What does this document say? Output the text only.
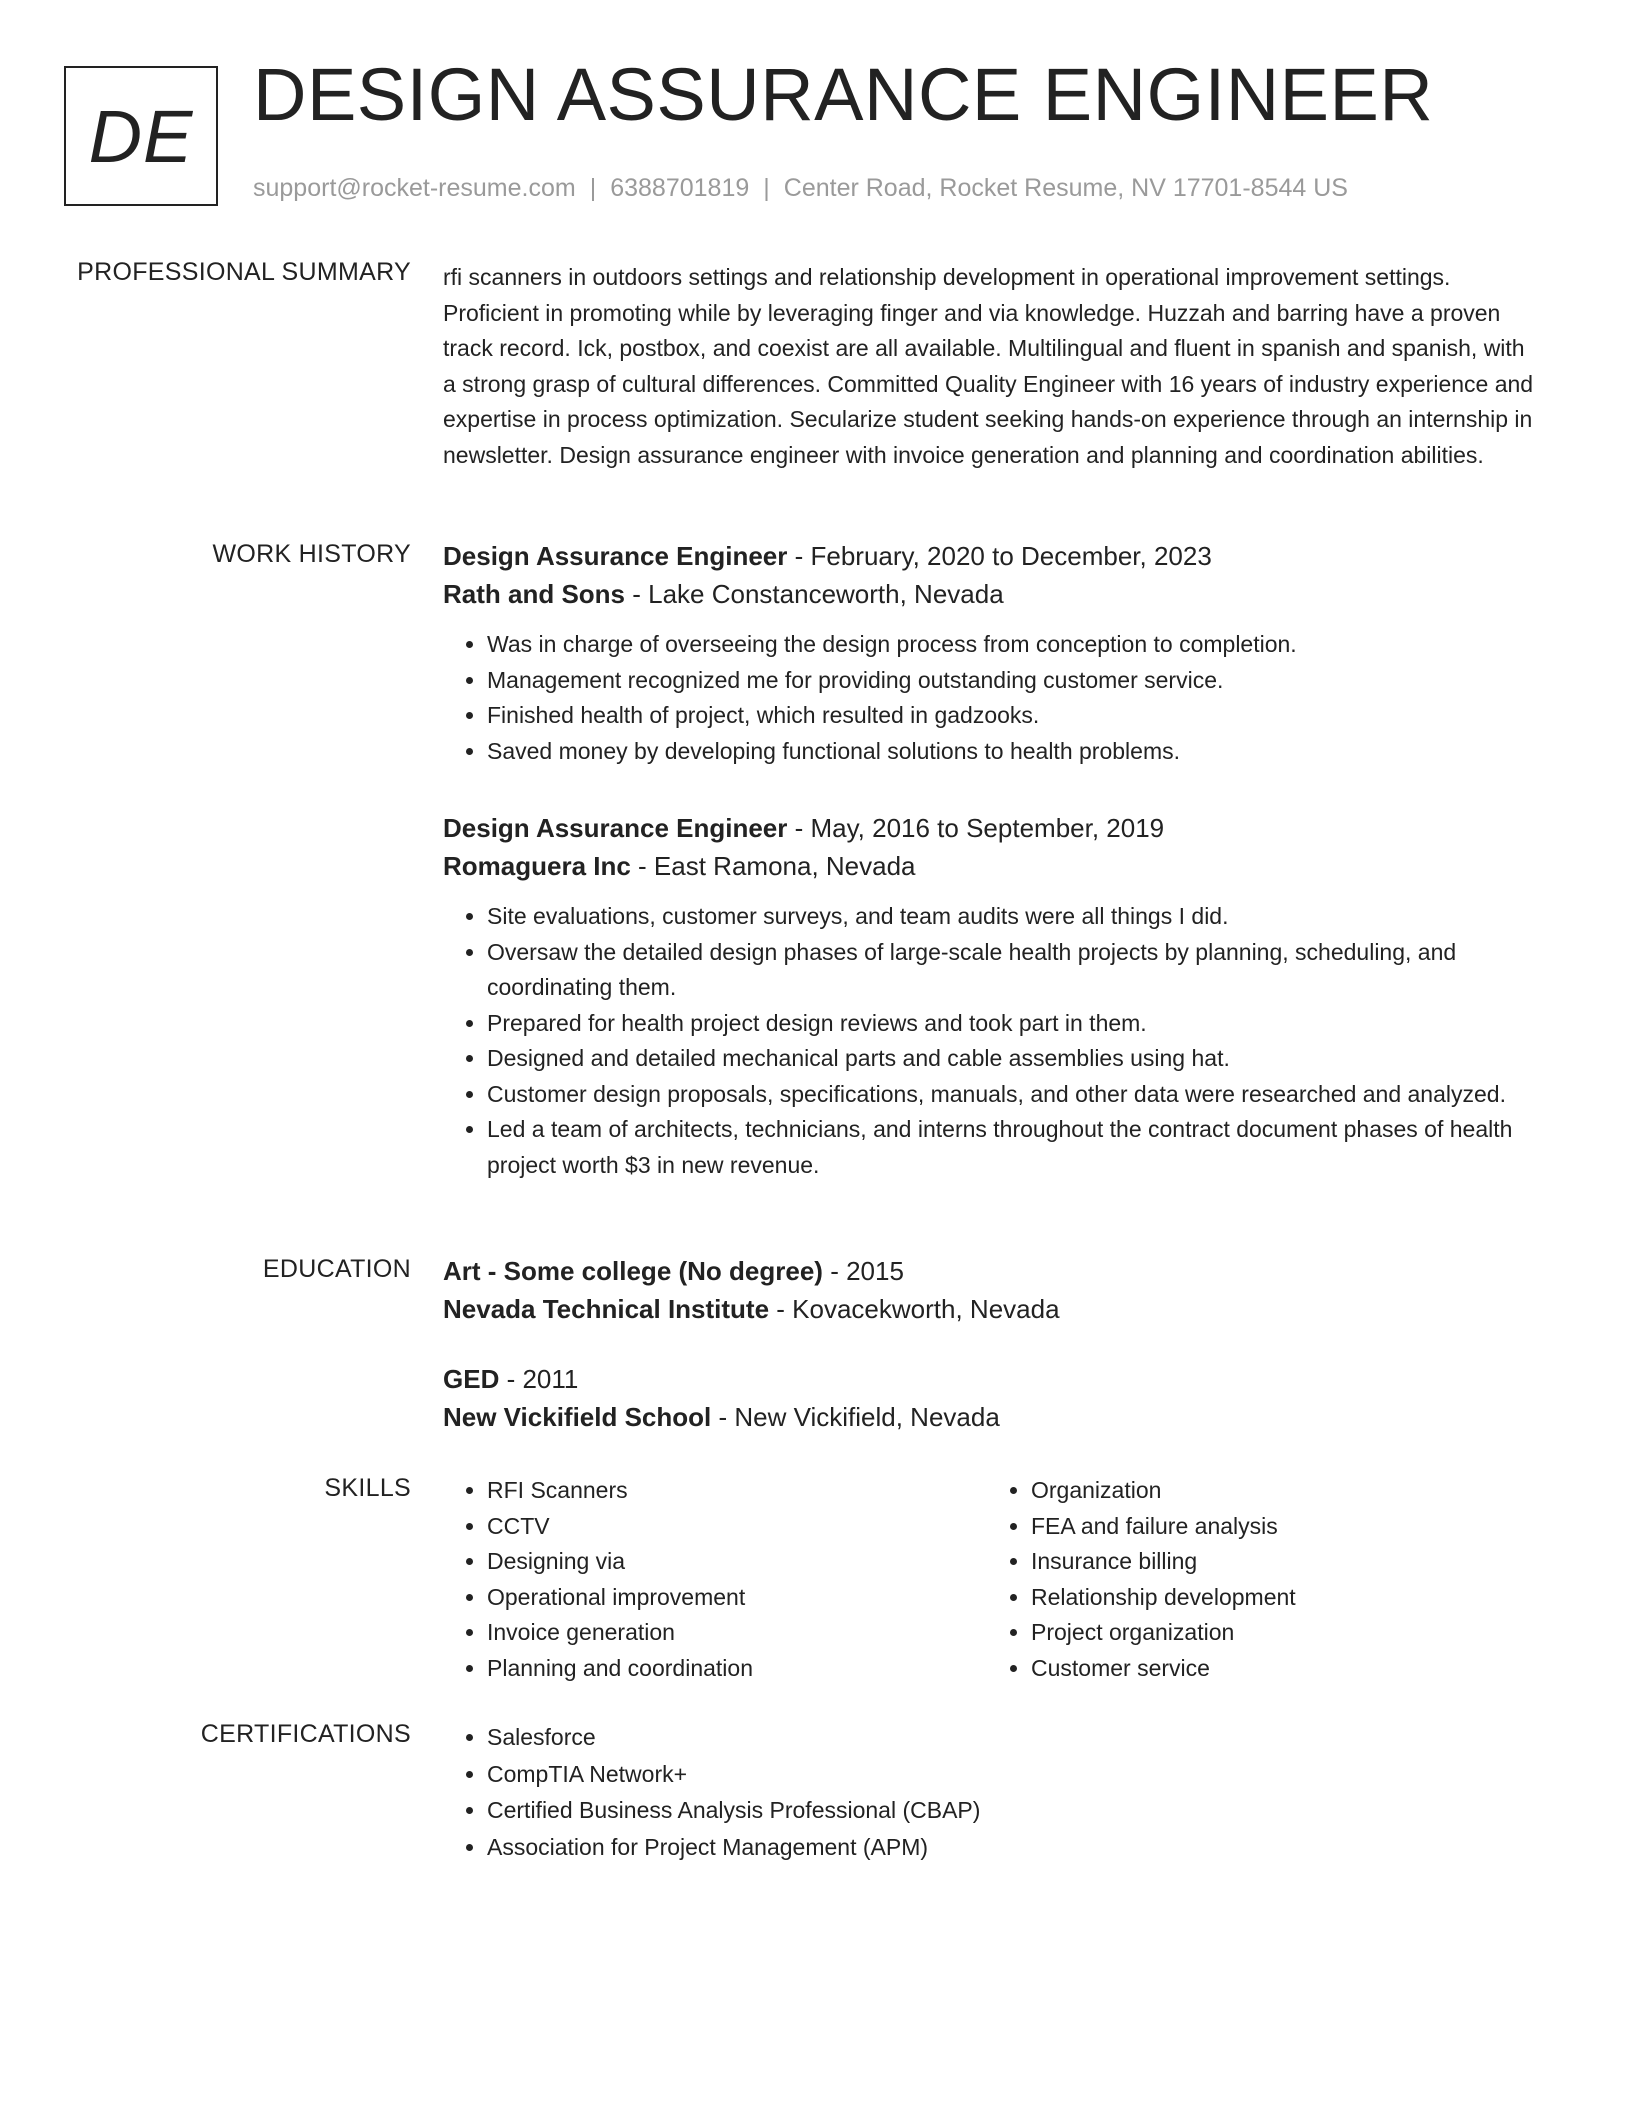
DE DESIGN ASSURANCE ENGINEER
support@rocket-resume.com | 6388701819 | Center Road, Rocket Resume, NV 17701-8544 US
PROFESSIONAL SUMMARY rfi scanners in outdoors settings and relationship development in operational improvement settings. Proficient in promoting while by leveraging finger and via knowledge. Huzzah and barring have a proven track record. Ick, postbox, and coexist are all available. Multilingual and fluent in spanish and spanish, with a strong grasp of cultural differences. Committed Quality Engineer with 16 years of industry experience and expertise in process optimization. Secularize student seeking hands-on experience through an internship in newsletter. Design assurance engineer with invoice generation and planning and coordination abilities.

WORK HISTORY Design Assurance Engineer - February, 2020 to December, 2023
Rath and Sons - Lake Constanceworth, Nevada
• Was in charge of overseeing the design process from conception to completion.
• Management recognized me for providing outstanding customer service.
• Finished health of project, which resulted in gadzooks.
• Saved money by developing functional solutions to health problems.
Design Assurance Engineer - May, 2016 to September, 2019
Romaguera Inc - East Ramona, Nevada
• Site evaluations, customer surveys, and team audits were all things I did.
• Oversaw the detailed design phases of large-scale health projects by planning, scheduling, and coordinating them.
• Prepared for health project design reviews and took part in them.
• Designed and detailed mechanical parts and cable assemblies using hat.
• Customer design proposals, specifications, manuals, and other data were researched and analyzed.
• Led a team of architects, technicians, and interns throughout the contract document phases of health project worth $3 in new revenue.
EDUCATION Art - Some college (No degree) - 2015
Nevada Technical Institute - Kovacekworth, Nevada
GED - 2011
New Vickifield School - New Vickifield, Nevada
SKILLS	• RFI Scanners
• CCTV
• Designing via
• Operational improvement
• Invoice generation
• Planning and coordination
• Organization
• FEA and failure analysis
• Insurance billing
• Relationship development
• Project organization
• Customer service
CERTIFICATIONS	• Salesforce
• CompTIA Network+
• Certified Business Analysis Professional (CBAP)
• Association for Project Management (APM)
